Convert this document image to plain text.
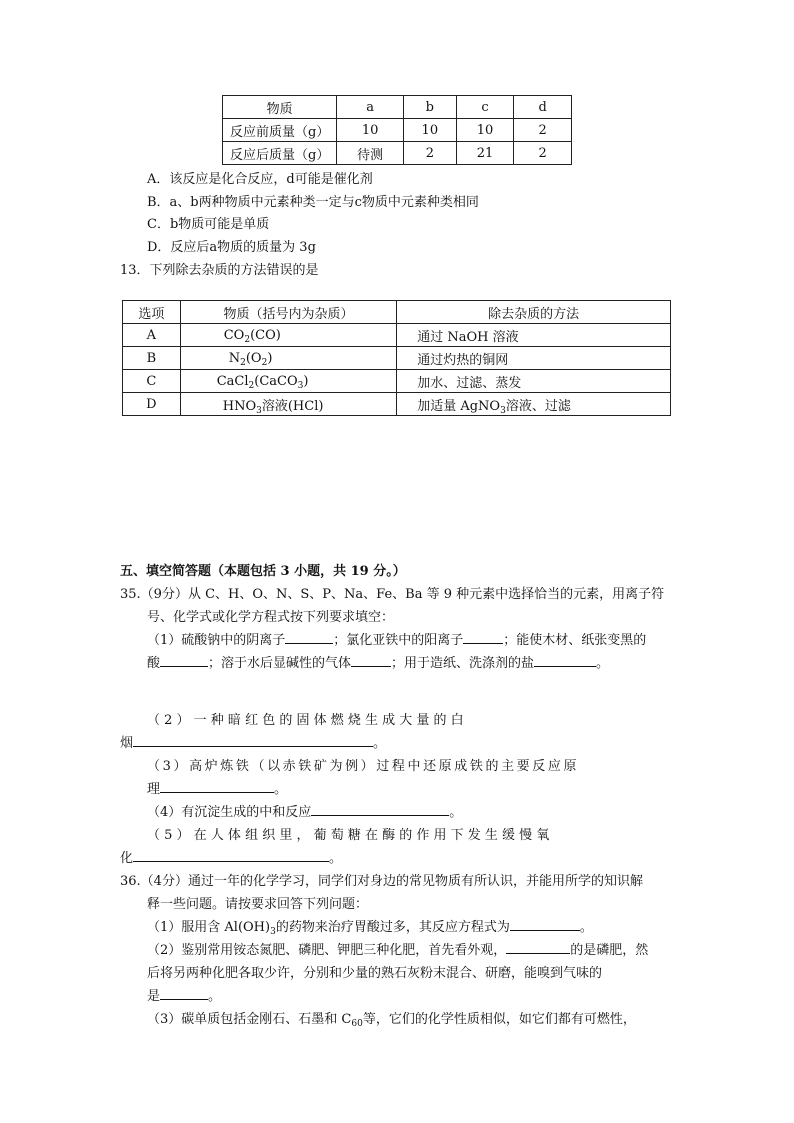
物质	a	b	c	d
反应前质量（g）	10	10	10	2
反应后质量（g）	待测	2	21	2
A．该反应是化合反应，d可能是催化剂
B．a、b两种物质中元素种类一定与c物质中元素种类相同
C．b物质可能是单质
D．反应后a物质的质量为 3g
13．下列除去杂质的方法错误的是
选项	物质（括号内为杂质）	除去杂质的方法
A	$CO_2(CO)$	通过 NaOH 溶液
B	$N_2(O_2)$	通过灼热的铜网
C	CaCl$_2$(CaCO$_3$)	加水、过滤、蒸发
D	$HNO_3$溶液(HCl)	加适量 AgNO$_3$溶液、过滤
五、填空简答题（本题包括 3 小题，共 19 分。）
35.（9分）从 C、H、O、N、S、P、Na、Fe、Ba 等 9 种元素中选择恰当的元素，用离子符
号、化学式或化学方程式按下列要求填空：
（1）硫酸钠中的阴离子	；氯化亚铁中的阳离子	；能使木材、纸张变黑的
酸	；溶于水后显碱性的气体	；用于造纸、洗涤剂的盐	。
（ 2 ） 一 种 暗 红 色 的 固 体 燃 烧 生 成 大 量 的 白
烟	。
（3）高炉炼铁（以赤铁矿为例）过程中还原成铁的主要反应原
理	。
（4）有沉淀生成的中和反应	。
（ 5 ） 在 人 体 组 织 里 ， 葡 萄 糖 在 酶 的 作 用 下 发 生 缓 慢 氧
化	。
36.（4分）通过一年的化学学习，同学们对身边的常见物质有所认识，并能用所学的知识解
释一些问题。请按要求回答下列问题：
（1）服用含 $Al(OH)_3$的药物来治疗胃酸过多，其反应方程式为	。
（2）鉴别常用铵态氮肥、磷肥、钾肥三种化肥，首先看外观，	的是磷肥，然
后将另两种化肥各取少许，分别和少量的熟石灰粉末混合、研磨，能嗅到气味的
是	。
（3）碳单质包括金刚石、石墨和 $C_{60}$等，它们的化学性质相似，如它们都有可燃性，
